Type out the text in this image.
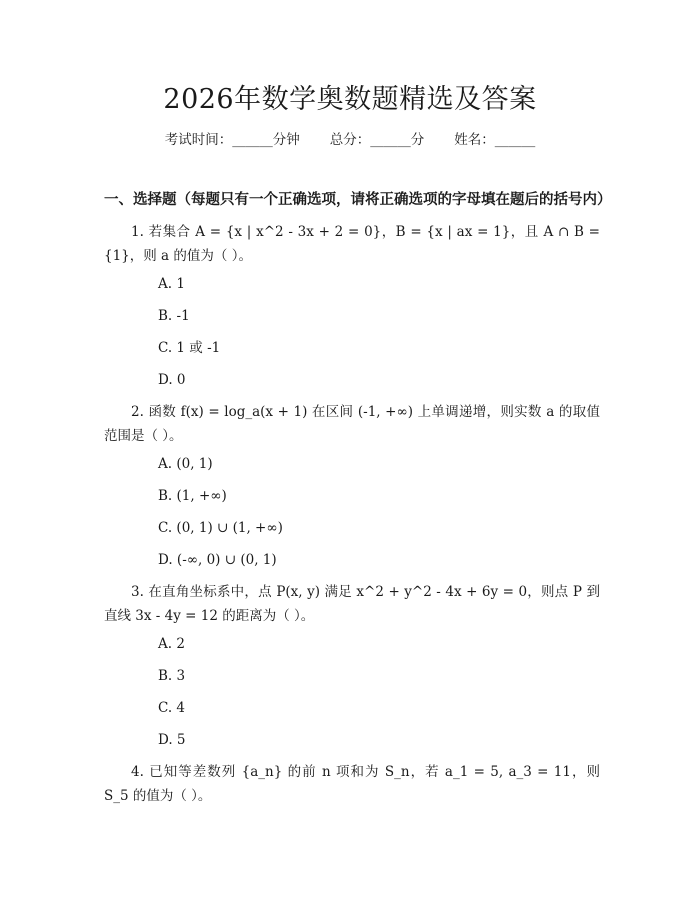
2026年数学奥数题精选及答案
考试时间：______分钟 总分：______分 姓名：______
一、选择题（每题只有一个正确选项，请将正确选项的字母填在题后的括号内）
1. 若集合 A = {x | x^2 - 3x + 2 = 0}，B = {x | ax = 1}，且 A ∩ B = {1}，则 a 的值为（ ）。
A. 1
B. -1
C. 1 或 -1
D. 0
2. 函数 f(x) = log_a(x + 1) 在区间 (-1, +∞) 上单调递增，则实数 a 的取值范围是（ ）。
A. (0, 1)
B. (1, +∞)
C. (0, 1) ∪ (1, +∞)
D. (-∞, 0) ∪ (0, 1)
3. 在直角坐标系中，点 P(x, y) 满足 x^2 + y^2 - 4x + 6y = 0，则点 P 到直线 3x - 4y = 12 的距离为（ ）。
A. 2
B. 3
C. 4
D. 5
4. 已知等差数列 {a_n} 的前 n 项和为 S_n，若 a_1 = 5, a_3 = 11，则 S_5 的值为（ ）。
